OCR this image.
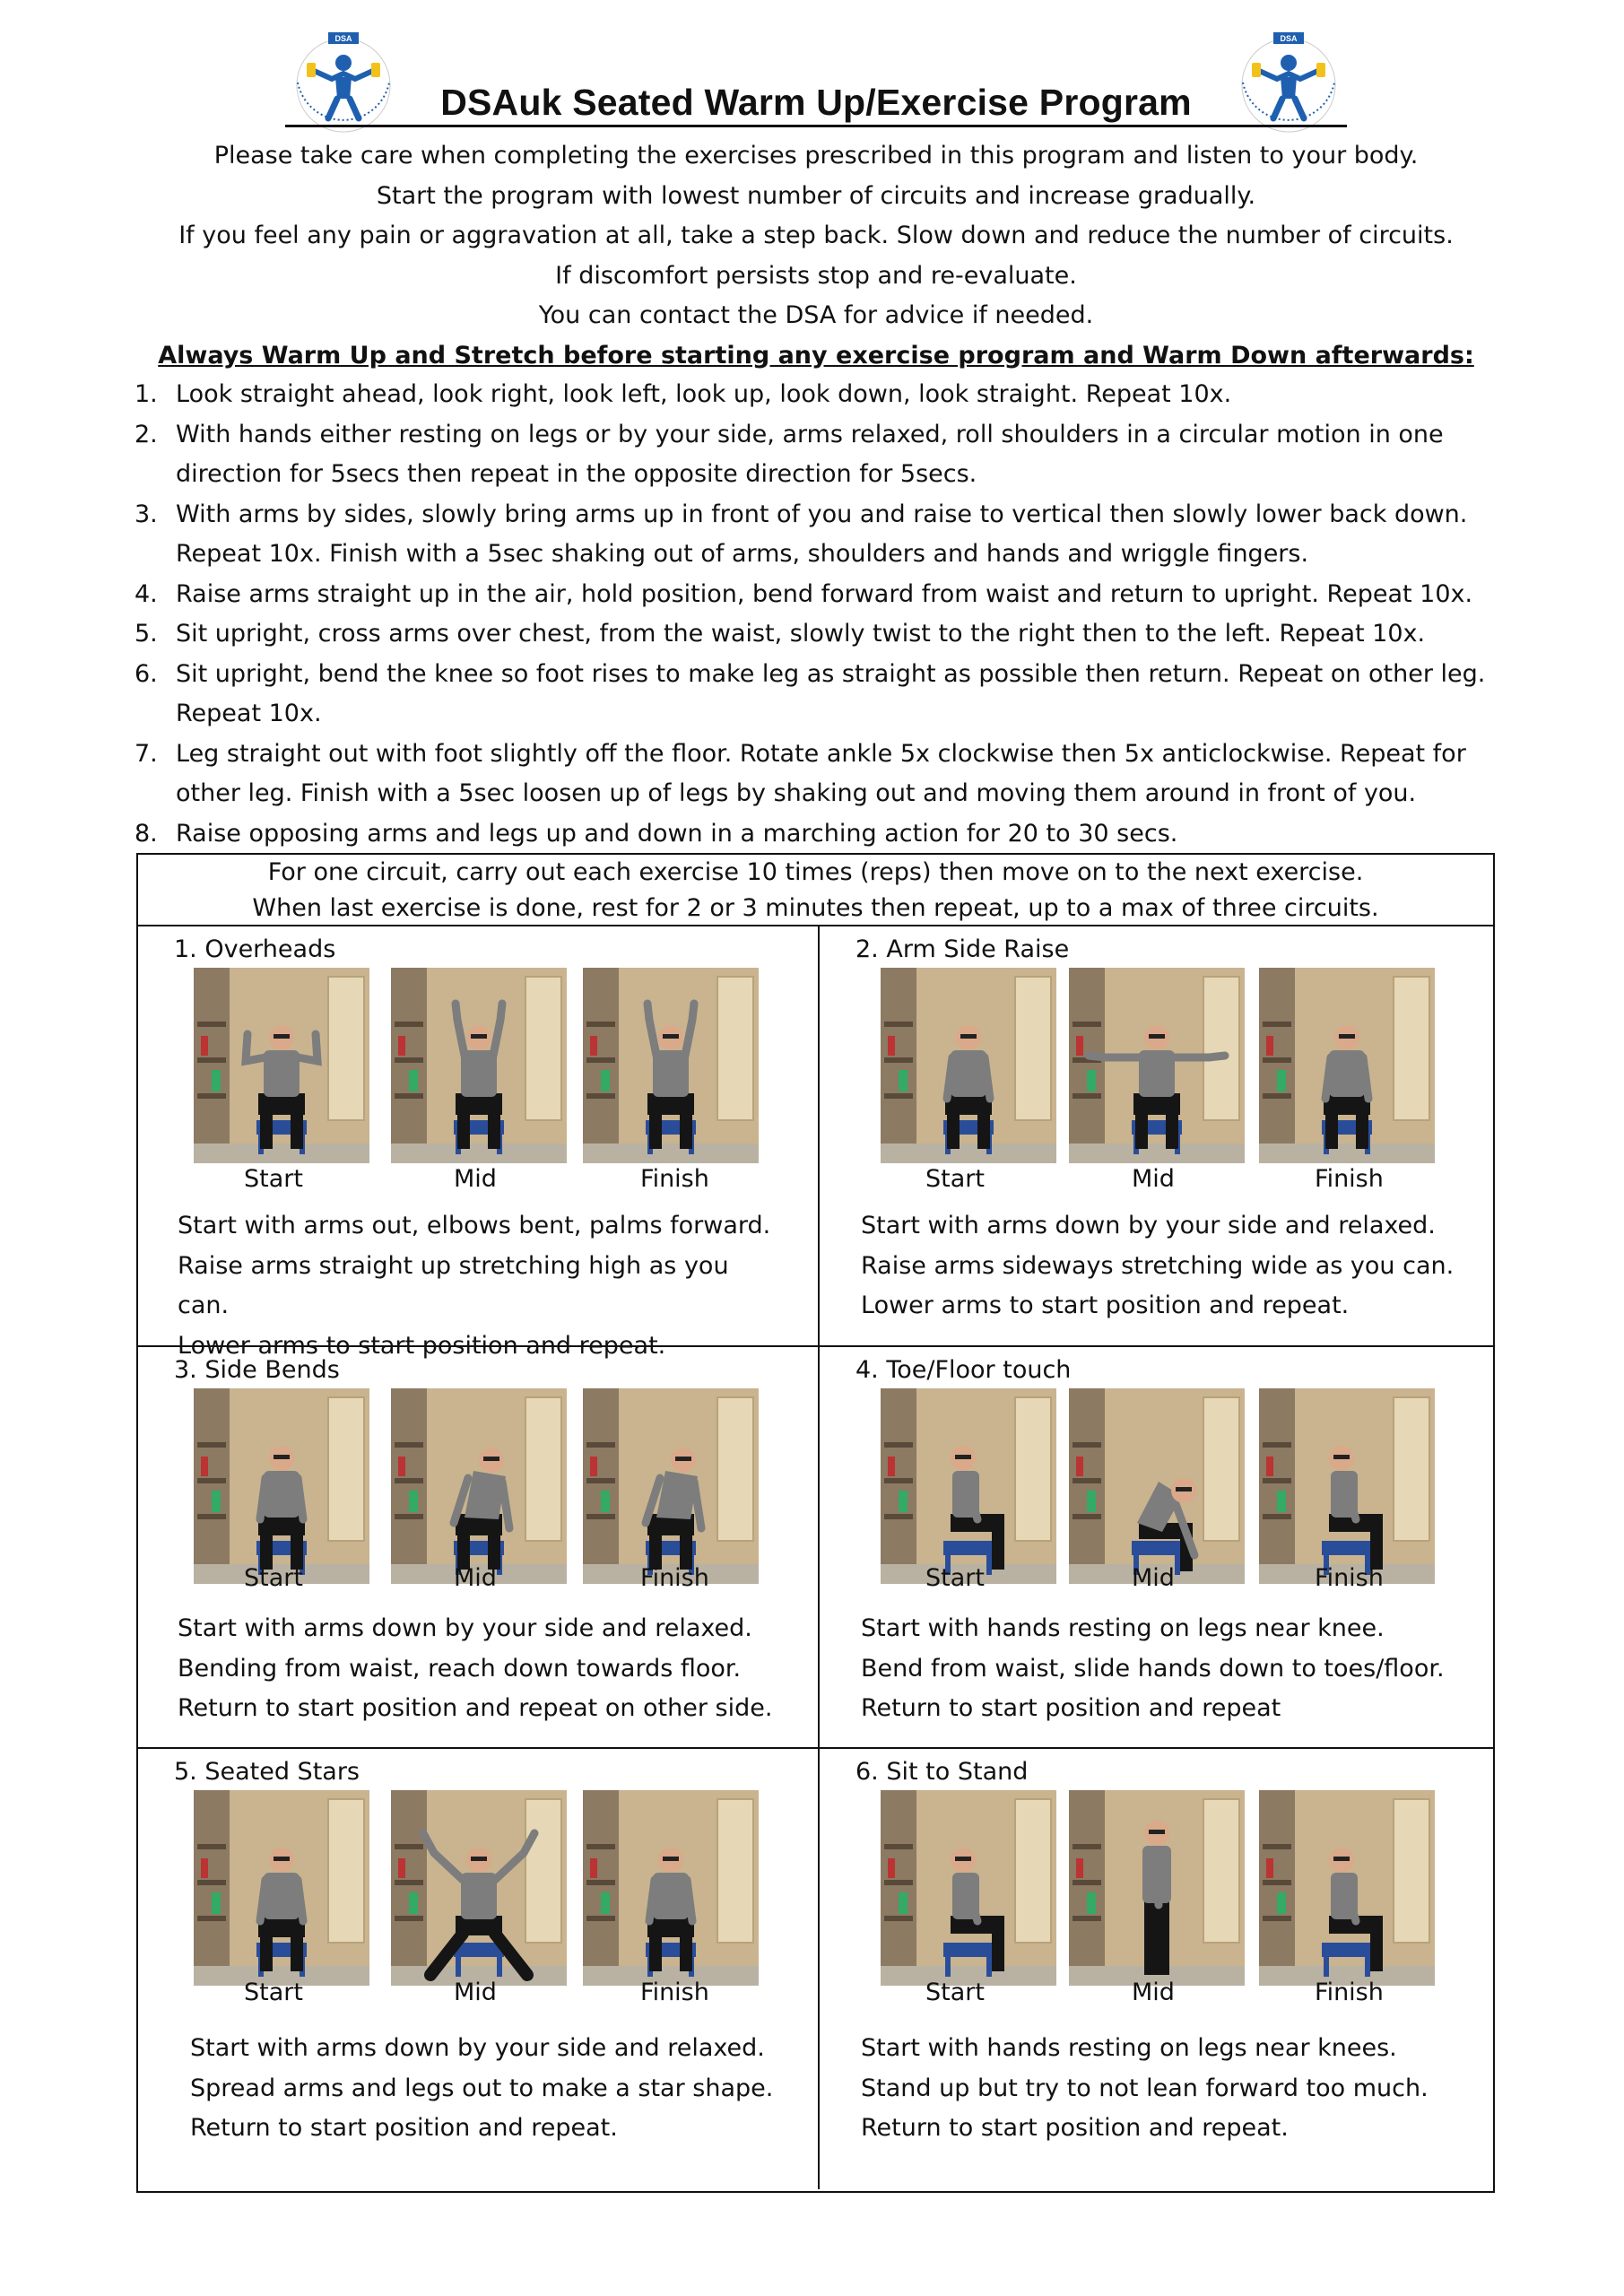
DSA	DSA
DSAuk Seated Warm Up/Exercise Program
Please take care when completing the exercises prescribed in this program and listen to your body.
Start the program with lowest number of circuits and increase gradually.
If you feel any pain or aggravation at all, take a step back. Slow down and reduce the number of circuits.
If discomfort persists stop and re-evaluate.
You can contact the DSA for advice if needed.
Always Warm Up and Stretch before starting any exercise program and Warm Down afterwards:
1. Look straight ahead, look right, look left, look up, look down, look straight. Repeat 10x.
2. With hands either resting on legs or by your side, arms relaxed, roll shoulders in a circular motion in one direction for 5secs then repeat in the opposite direction for 5secs.
3. With arms by sides, slowly bring arms up in front of you and raise to vertical then slowly lower back down. Repeat 10x. Finish with a 5sec shaking out of arms, shoulders and hands and wriggle fingers.
4. Raise arms straight up in the air, hold position, bend forward from waist and return to upright. Repeat 10x.
5. Sit upright, cross arms over chest, from the waist, slowly twist to the right then to the left. Repeat 10x.
6. Sit upright, bend the knee so foot rises to make leg as straight as possible then return. Repeat on other leg. Repeat 10x.
7. Leg straight out with foot slightly off the floor. Rotate ankle 5x clockwise then 5x anticlockwise. Repeat for other leg. Finish with a 5sec loosen up of legs by shaking out and moving them around in front of you.
8. Raise opposing arms and legs up and down in a marching action for 20 to 30 secs.
For one circuit, carry out each exercise 10 times (reps) then move on to the next exercise.
When last exercise is done, rest for 2 or 3 minutes then repeat, up to a max of three circuits.
1. Overheads
Start	Mid	Finish
Start with arms out, elbows bent, palms forward.
Raise arms straight up stretching high as you can.
Lower arms to start position and repeat.
2. Arm Side Raise
Start	Mid	Finish
Start with arms down by your side and relaxed.
Raise arms sideways stretching wide as you can.
Lower arms to start position and repeat.
3. Side Bends
Start	Mid	Finish
Start with arms down by your side and relaxed.
Bending from waist, reach down towards floor.
Return to start position and repeat on other side.
4. Toe/Floor touch
Start	Mid	Finish
Start with hands resting on legs near knee.
Bend from waist, slide hands down to toes/floor.
Return to start position and repeat
5. Seated Stars
Start	Mid	Finish
Start with arms down by your side and relaxed.
Spread arms and legs out to make a star shape.
Return to start position and repeat.
6. Sit to Stand
Start	Mid	Finish
Start with hands resting on legs near knees.
Stand up but try to not lean forward too much.
Return to start position and repeat.
